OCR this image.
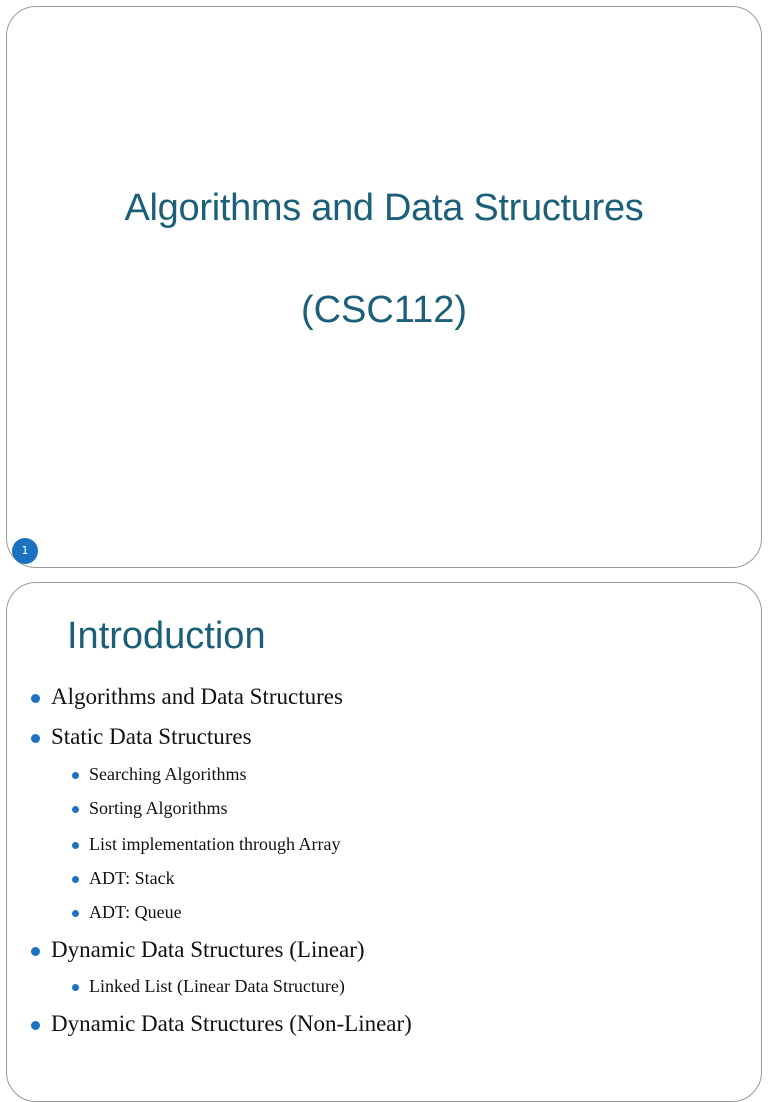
Algorithms and Data Structures
(CSC112)
1
Introduction
Algorithms and Data Structures
Static Data Structures
Searching Algorithms
Sorting Algorithms
List implementation through Array
ADT: Stack
ADT: Queue
Dynamic Data Structures (Linear)
Linked List (Linear Data Structure)
Dynamic Data Structures (Non-Linear)
